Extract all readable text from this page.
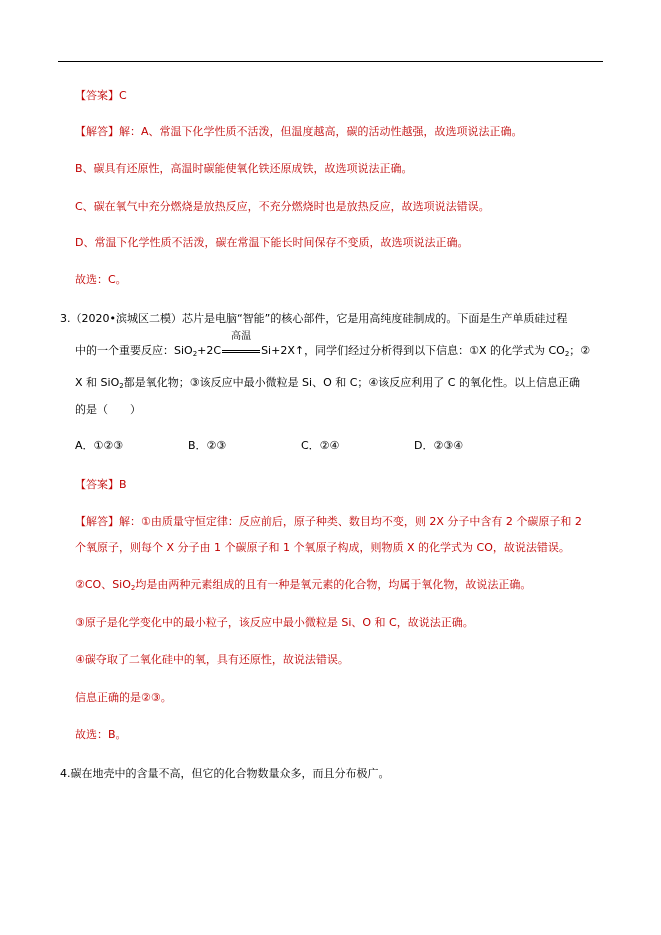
【答案】C
【解答】解：A、常温下化学性质不活泼，但温度越高，碳的活动性越强，故选项说法正确。
B、碳具有还原性，高温时碳能使氧化铁还原成铁，故选项说法正确。
C、碳在氧气中充分燃烧是放热反应，不充分燃烧时也是放热反应，故选项说法错误。
D、常温下化学性质不活泼，碳在常温下能长时间保存不变质，故选项说法正确。
故选：C。
3.（2020•滨城区二模）芯片是电脑“智能”的核心部件，它是用高纯度硅制成的。下面是生产单质硅过程
中的一个重要反应：SiO$_2$+2C
高温
Si+2X↑，同学们经过分析得到以下信息：①X 的化学式为 $CO_2$；②
X 和 SiO$_2$都是氧化物；③该反应中最小微粒是 Si、O 和 C；④该反应利用了 C 的氧化性。以上信息正确
的是（　　）
A．①②③	B．②③	C．②④	D．②③④
【答案】B
【解答】解：①由质量守恒定律：反应前后，原子种类、数目均不变，则 2X 分子中含有 2 个碳原子和 2
个氧原子，则每个 X 分子由 1 个碳原子和 1 个氧原子构成，则物质 X 的化学式为 CO，故说法错误。
②CO、SiO$_2$均是由两种元素组成的且有一种是氧元素的化合物，均属于氧化物，故说法正确。
③原子是化学变化中的最小粒子，该反应中最小微粒是 Si、O 和 C，故说法正确。
④碳夺取了二氧化硅中的氧，具有还原性，故说法错误。
信息正确的是②③。
故选：B。
4.碳在地壳中的含量不高，但它的化合物数量众多，而且分布极广。
